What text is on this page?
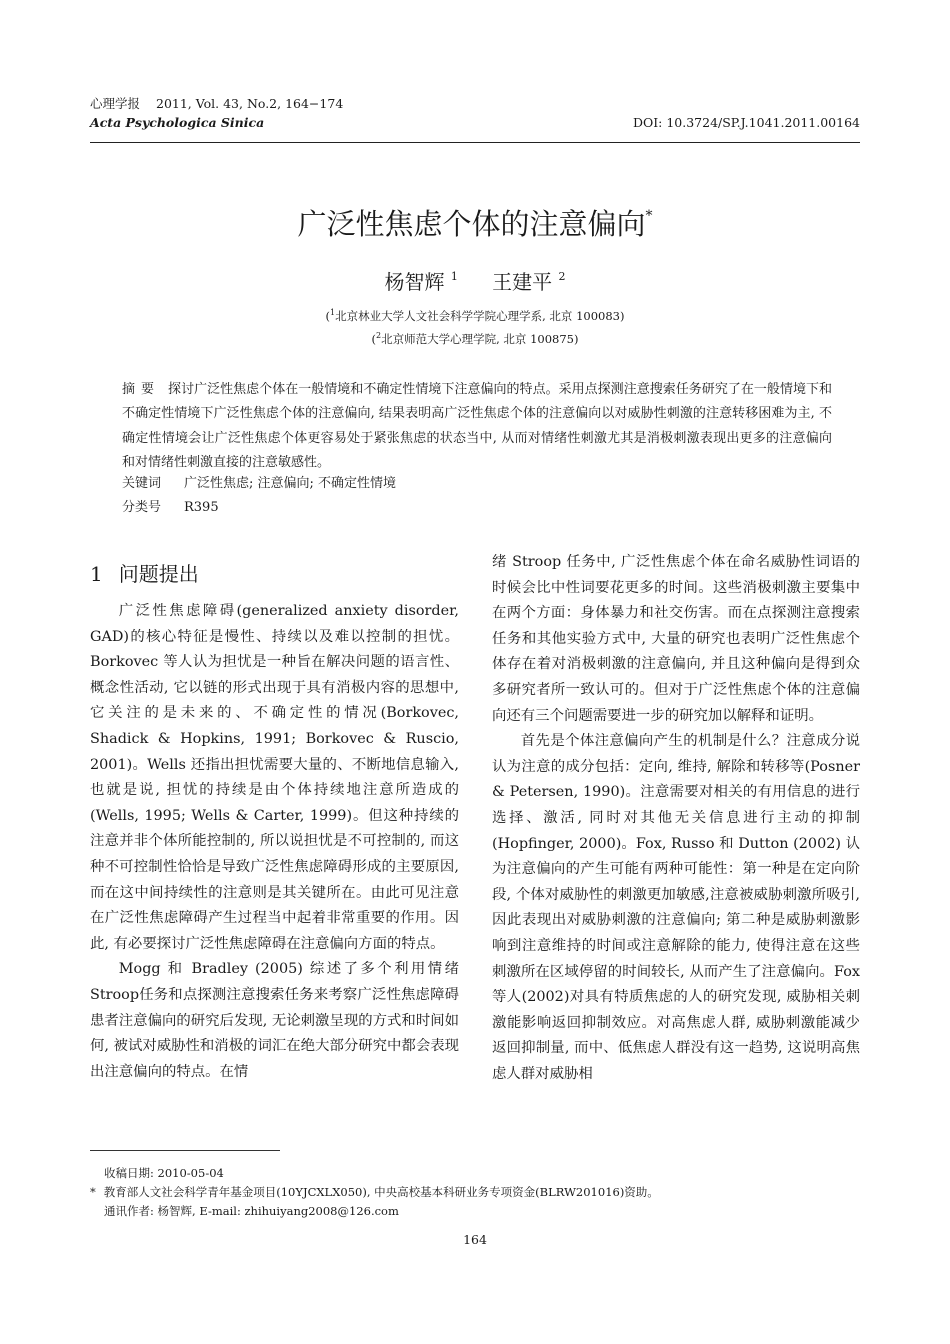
心理学报 2011, Vol. 43, No.2, 164−174
Acta Psychologica Sinica	DOI: 10.3724/SP.J.1041.2011.00164
广泛性焦虑个体的注意偏向*
杨智辉 $^1$ 王建平 $^2$
($^1$北京林业大学人文社会科学学院心理学系, 北京 100083)
($^2$北京师范大学心理学院, 北京 100875)
摘要 探讨广泛性焦虑个体在一般情境和不确定性情境下注意偏向的特点。采用点探测注意搜索任务研究了在一般情境下和不确定性情境下广泛性焦虑个体的注意偏向, 结果表明高广泛性焦虑个体的注意偏向以对威胁性刺激的注意转移困难为主, 不确定性情境会让广泛性焦虑个体更容易处于紧张焦虑的状态当中, 从而对情绪性刺激尤其是消极刺激表现出更多的注意偏向和对情绪性刺激直接的注意敏感性。
关键词 广泛性焦虑; 注意偏向; 不确定性情境
分类号 R395
1 问题提出

广泛性焦虑障碍(generalized anxiety disorder, GAD)的核心特征是慢性、持续以及难以控制的担忧。Borkovec 等人认为担忧是一种旨在解决问题的语言性、概念性活动, 它以链的形式出现于具有消极内容的思想中, 它关注的是未来的、不确定性的情况(Borkovec, Shadick & Hopkins, 1991; Borkovec & Ruscio, 2001)。Wells 还指出担忧需要大量的、不断地信息输入, 也就是说, 担忧的持续是由个体持续地注意所造成的(Wells, 1995; Wells & Carter, 1999)。但这种持续的注意并非个体所能控制的, 所以说担忧是不可控制的, 而这种不可控制性恰恰是导致广泛性焦虑障碍形成的主要原因, 而在这中间持续性的注意则是其关键所在。由此可见注意在广泛性焦虑障碍产生过程当中起着非常重要的作用。因此, 有必要探讨广泛性焦虑障碍在注意偏向方面的特点。

Mogg 和 Bradley (2005) 综述了多个利用情绪Stroop任务和点探测注意搜索任务来考察广泛性焦虑障碍患者注意偏向的研究后发现, 无论刺激呈现的方式和时间如何, 被试对威胁性和消极的词汇在绝大部分研究中都会表现出注意偏向的特点。在情

绪 Stroop 任务中, 广泛性焦虑个体在命名威胁性词语的时候会比中性词要花更多的时间。这些消极刺激主要集中在两个方面：身体暴力和社交伤害。而在点探测注意搜索任务和其他实验方式中, 大量的研究也表明广泛性焦虑个体存在着对消极刺激的注意偏向, 并且这种偏向是得到众多研究者所一致认可的。但对于广泛性焦虑个体的注意偏向还有三个问题需要进一步的研究加以解释和证明。

首先是个体注意偏向产生的机制是什么？注意成分说认为注意的成分包括：定向, 维持, 解除和转移等(Posner & Petersen, 1990)。注意需要对相关的有用信息的进行选择、激活, 同时对其他无关信息进行主动的抑制(Hopfinger, 2000)。Fox, Russo 和 Dutton (2002) 认为注意偏向的产生可能有两种可能性：第一种是在定向阶段, 个体对威胁性的刺激更加敏感,注意被威胁刺激所吸引, 因此表现出对威胁刺激的注意偏向; 第二种是威胁刺激影响到注意维持的时间或注意解除的能力, 使得注意在这些刺激所在区域停留的时间较长, 从而产生了注意偏向。Fox 等人(2002)对具有特质焦虑的人的研究发现, 威胁相关刺激能影响返回抑制效应。对高焦虑人群, 威胁刺激能减少返回抑制量, 而中、低焦虑人群没有这一趋势, 这说明高焦虑人群对威胁相

收稿日期: 2010-05-04
* 教育部人文社会科学青年基金项目(10YJCXLX050), 中央高校基本科研业务专项资金(BLRW201016)资助。
通讯作者: 杨智辉, E-mail: zhihuiyang2008@126.com
164
